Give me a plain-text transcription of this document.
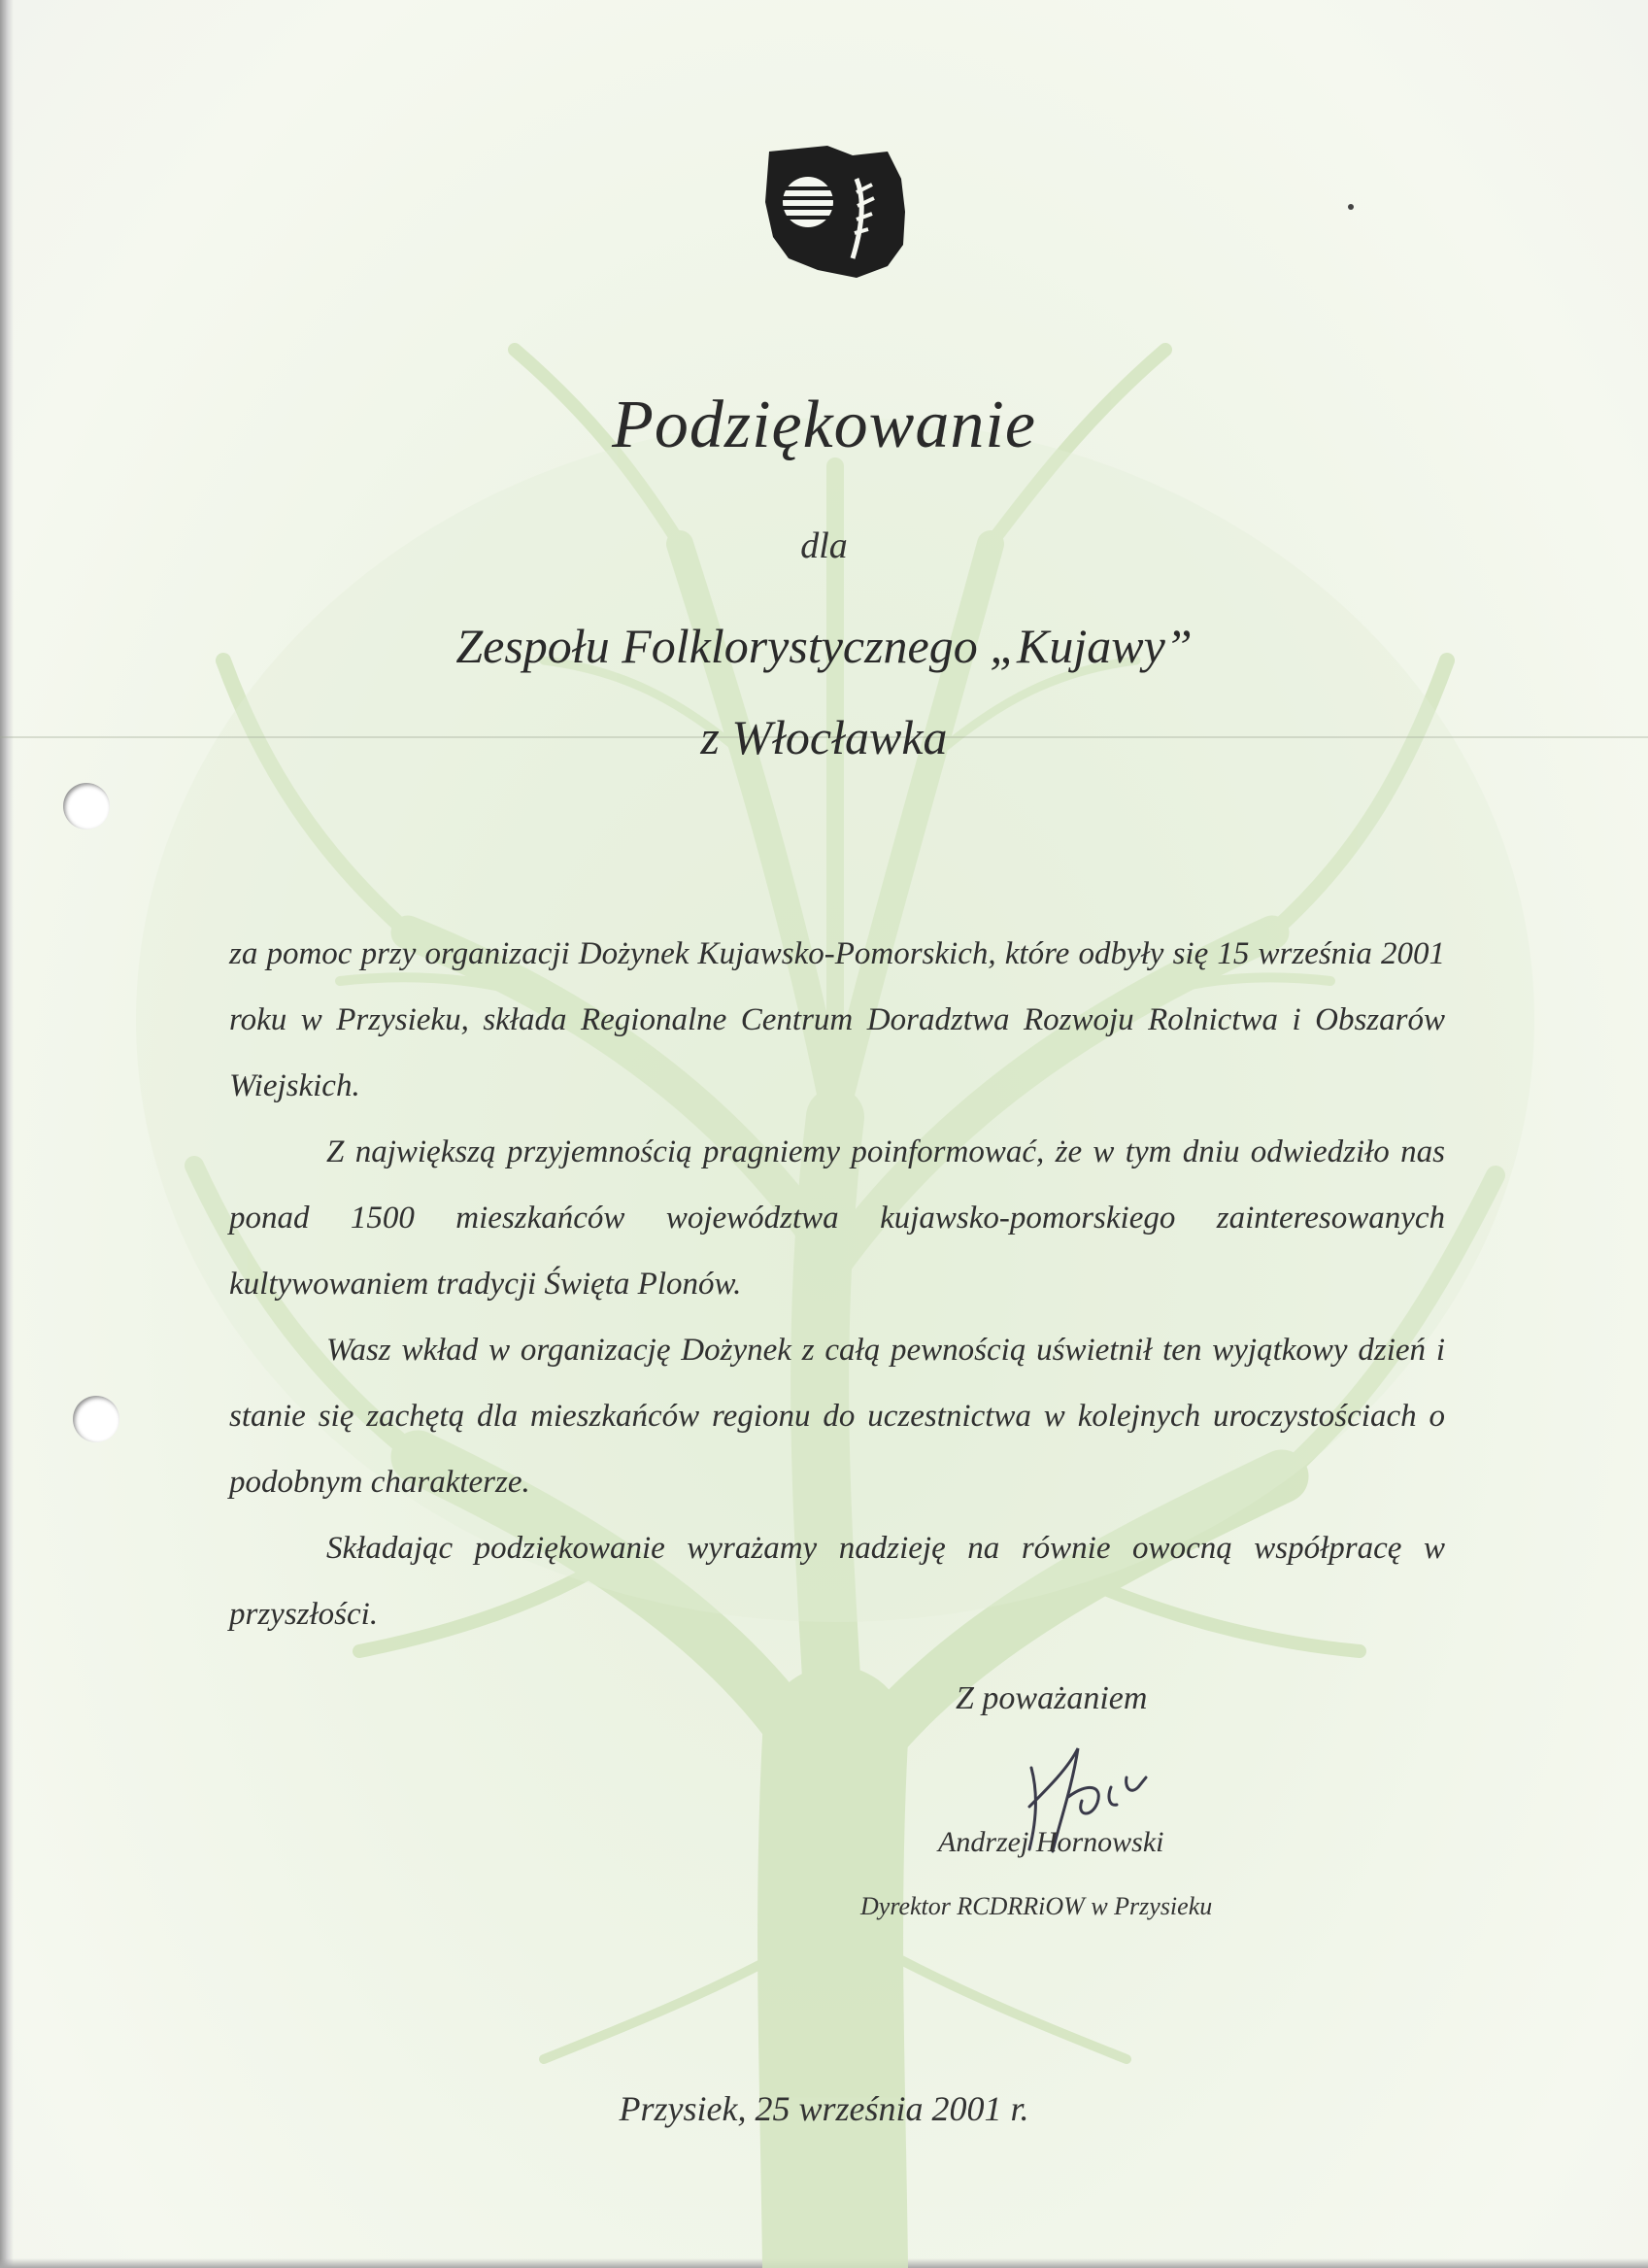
Podziękowanie
dla
Zespołu Folklorystycznego „Kujawy”
z Włocławka

za pomoc przy organizacji Dożynek Kujawsko-Pomorskich, które odbyły się 15 września 2001 roku w Przysieku, składa Regionalne Centrum Doradztwa Rozwoju Rolnictwa i Obszarów Wiejskich.

Z największą przyjemnością pragniemy poinformować, że w tym dniu odwiedziło nas ponad 1500 mieszkańców województwa kujawsko-pomorskiego zainteresowanych kultywowaniem tradycji Święta Plonów.

Wasz wkład w organizację Dożynek z całą pewnością uświetnił ten wyjątkowy dzień i stanie się zachętą dla mieszkańców regionu do uczestnictwa w kolejnych uroczystościach o podobnym charakterze.

Składając podziękowanie wyrażamy nadzieję na równie owocną współpracę w przyszłości.

Z poważaniem
Andrzej Hornowski
Dyrektor RCDRRiOW w Przysieku
Przysiek, 25 września 2001 r.
